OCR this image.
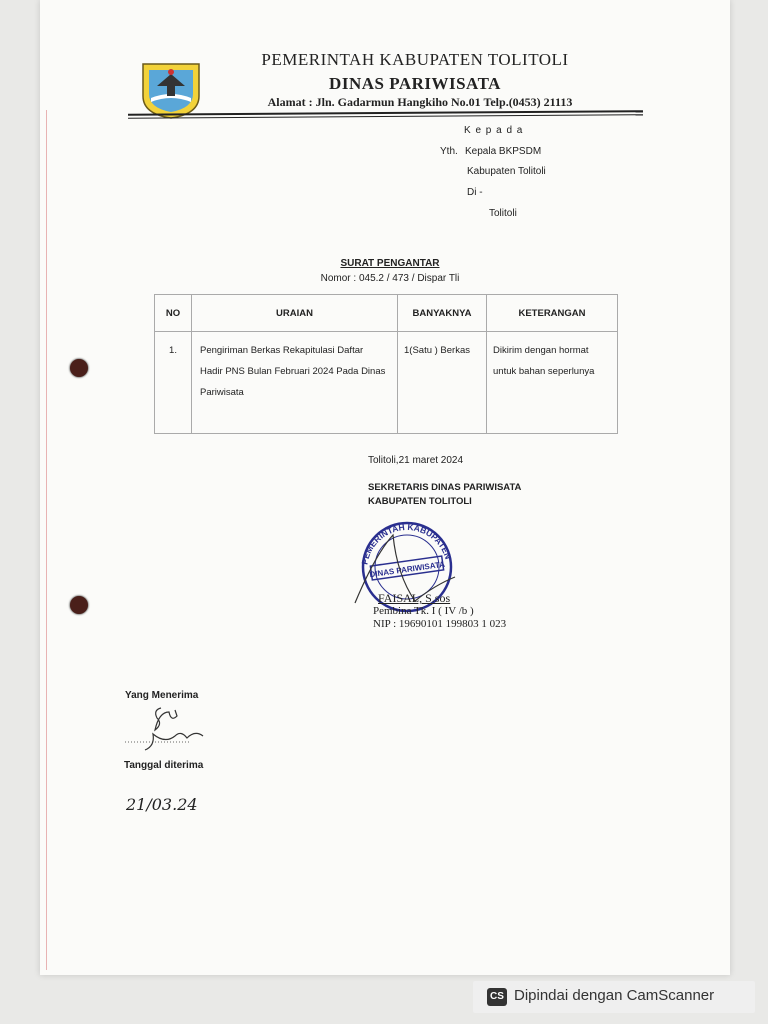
PEMERINTAH KABUPATEN TOLITOLI
DINAS PARIWISATA
Alamat : Jln. Gadarmun Hangkiho No.01 Telp.(0453) 21113
K e p a d a
Yth. Kepala BKPSDM
Kabupaten Tolitoli
Di -
Tolitoli
SURAT PENGANTAR
Nomor : 045.2 / 473 / Dispar Tli
NO	URAIAN	BANYAKNYA	KETERANGAN
1.	Pengiriman Berkas Rekapitulasi Daftar Hadir PNS Bulan Februari 2024 Pada Dinas Pariwisata	1(Satu ) Berkas	Dikirim dengan hormat untuk bahan seperlunya
Tolitoli,21 maret 2024
SEKRETARIS DINAS PARIWISATA
KABUPATEN TOLITOLI
PEMERINTAH KABUPATEN
DINAS PARIWISATA
FAISAL, S.sos
Pembina Tk. I ( IV /b )
NIP : 19690101 199803 1 023
Yang Menerima
Tanggal diterima
21/03.24
CS Dipindai dengan CamScanner
